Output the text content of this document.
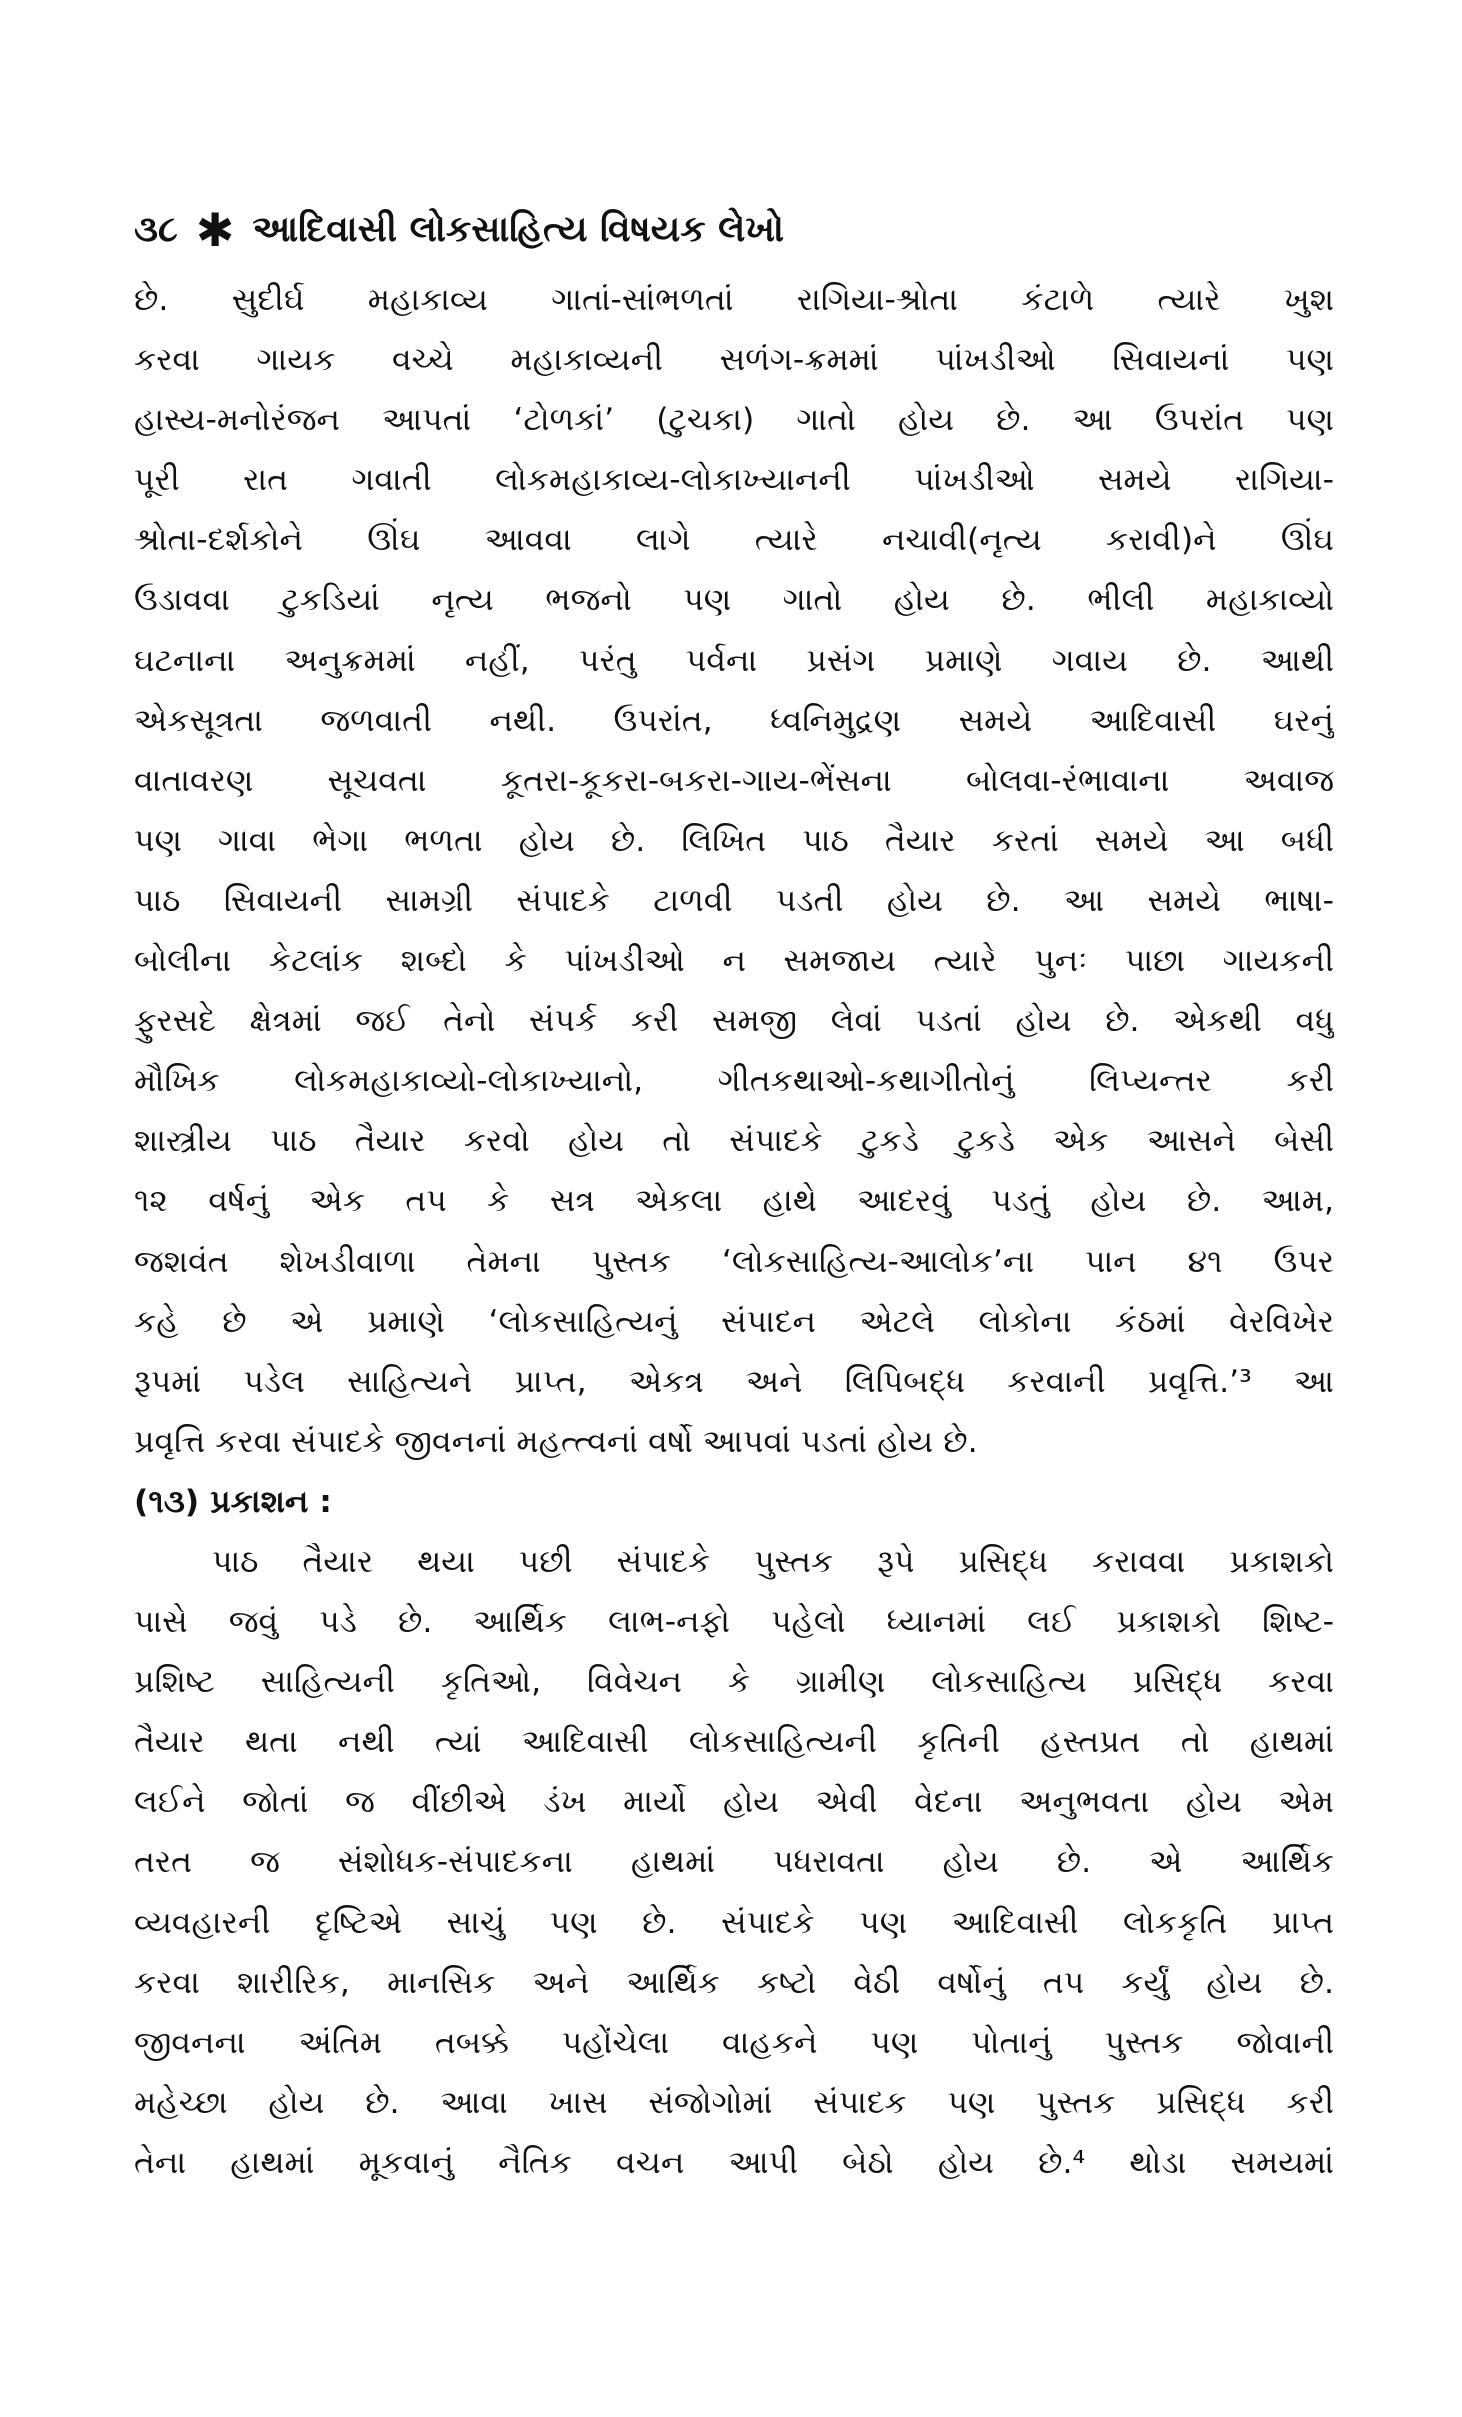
૩૮ ✱ આદિવાસી લોકસાહિત્ય વિષયક લેખો
છે. સુદીર્ઘ મહાકાવ્ય ગાતાં-સાંભળતાં રાગિયા-શ્રોતા કંટાળે ત્યારે ખુશ
કરવા ગાયક વચ્ચે મહાકાવ્યની સળંગ-ક્રમમાં પાંખડીઓ સિવાયનાં પણ
હાસ્ય-મનોરંજન આપતાં ‘ટોળકાં’ (ટુચકા) ગાતો હોય છે. આ ઉપરાંત પણ
પૂરી રાત ગવાતી લોકમહાકાવ્ય-લોકાખ્યાનની પાંખડીઓ સમયે રાગિયા-
શ્રોતા-દર્શકોને ઊંઘ આવવા લાગે ત્યારે નચાવી(નૃત્ય કરાવી)ને ઊંઘ
ઉડાવવા ટુકડિયાં નૃત્ય ભજનો પણ ગાતો હોય છે. ભીલી મહાકાવ્યો
ઘટનાના અનુક્રમમાં નહીં, પરંતુ પર્વના પ્રસંગ પ્રમાણે ગવાય છે. આથી
એકસૂત્રતા જળવાતી નથી. ઉપરાંત, ધ્વનિમુદ્રણ સમયે આદિવાસી ઘરનું
વાતાવરણ સૂચવતા કૂતરા-કૂકરા-બકરા-ગાય-ભેંસના બોલવા-રંભાવાના અવાજ
પણ ગાવા ભેગા ભળતા હોય છે. લિખિત પાઠ તૈયાર કરતાં સમયે આ બધી
પાઠ સિવાયની સામગ્રી સંપાદકે ટાળવી પડતી હોય છે. આ સમયે ભાષા-
બોલીના કેટલાંક શબ્દો કે પાંખડીઓ ન સમજાય ત્યારે પુનઃ પાછા ગાયકની
ફુરસદે ક્ષેત્રમાં જઈ તેનો સંપર્ક કરી સમજી લેવાં પડતાં હોય છે. એકથી વધુ
મૌખિક લોકમહાકાવ્યો-લોકાખ્યાનો, ગીતકથાઓ-કથાગીતોનું લિપ્યન્તર કરી
શાસ્ત્રીય પાઠ તૈયાર કરવો હોય તો સંપાદકે ટુકડે ટુકડે એક આસને બેસી
૧૨ વર્ષનું એક તપ કે સત્ર એકલા હાથે આદરવું પડતું હોય છે. આમ,
જશવંત શેખડીવાળા તેમના પુસ્તક ‘લોકસાહિત્ય-આલોક’ના પાન ૪૧ ઉપર
કહે છે એ પ્રમાણે ‘લોકસાહિત્યનું સંપાદન એટલે લોકોના કંઠમાં વેરવિખેર
રૂપમાં પડેલ સાહિત્યને પ્રાપ્ત, એકત્ર અને લિપિબદ્ધ કરવાની પ્રવૃત્તિ.’³ આ
પ્રવૃત્તિ કરવા સંપાદકે જીવનનાં મહત્ત્વનાં વર્ષો આપવાં પડતાં હોય છે.
(૧૩) પ્રકાશન :
પાઠ તૈયાર થયા પછી સંપાદકે પુસ્તક રૂપે પ્રસિદ્ધ કરાવવા પ્રકાશકો
પાસે જવું પડે છે. આર્થિક લાભ-નફો પહેલો ધ્યાનમાં લઈ પ્રકાશકો શિષ્ટ-
પ્રશિષ્ટ સાહિત્યની કૃતિઓ, વિવેચન કે ગ્રામીણ લોકસાહિત્ય પ્રસિદ્ધ કરવા
તૈયાર થતા નથી ત્યાં આદિવાસી લોકસાહિત્યની કૃતિની હસ્તપ્રત તો હાથમાં
લઈને જોતાં જ વીંછીએ ડંખ માર્યો હોય એવી વેદના અનુભવતા હોય એમ
તરત જ સંશોધક-સંપાદકના હાથમાં પધરાવતા હોય છે. એ આર્થિક
વ્યવહારની દૃષ્ટિએ સાચું પણ છે. સંપાદકે પણ આદિવાસી લોકકૃતિ પ્રાપ્ત
કરવા શારીરિક, માનસિક અને આર્થિક કષ્ટો વેઠી વર્ષોનું તપ કર્યું હોય છે.
જીવનના અંતિમ તબક્કે પહોંચેલા વાહકને પણ પોતાનું પુસ્તક જોવાની
મહેચ્છા હોય છે. આવા ખાસ સંજોગોમાં સંપાદક પણ પુસ્તક પ્રસિદ્ધ કરી
તેના હાથમાં મૂકવાનું નૈતિક વચન આપી બેઠો હોય છે.⁴ થોડા સમયમાં
